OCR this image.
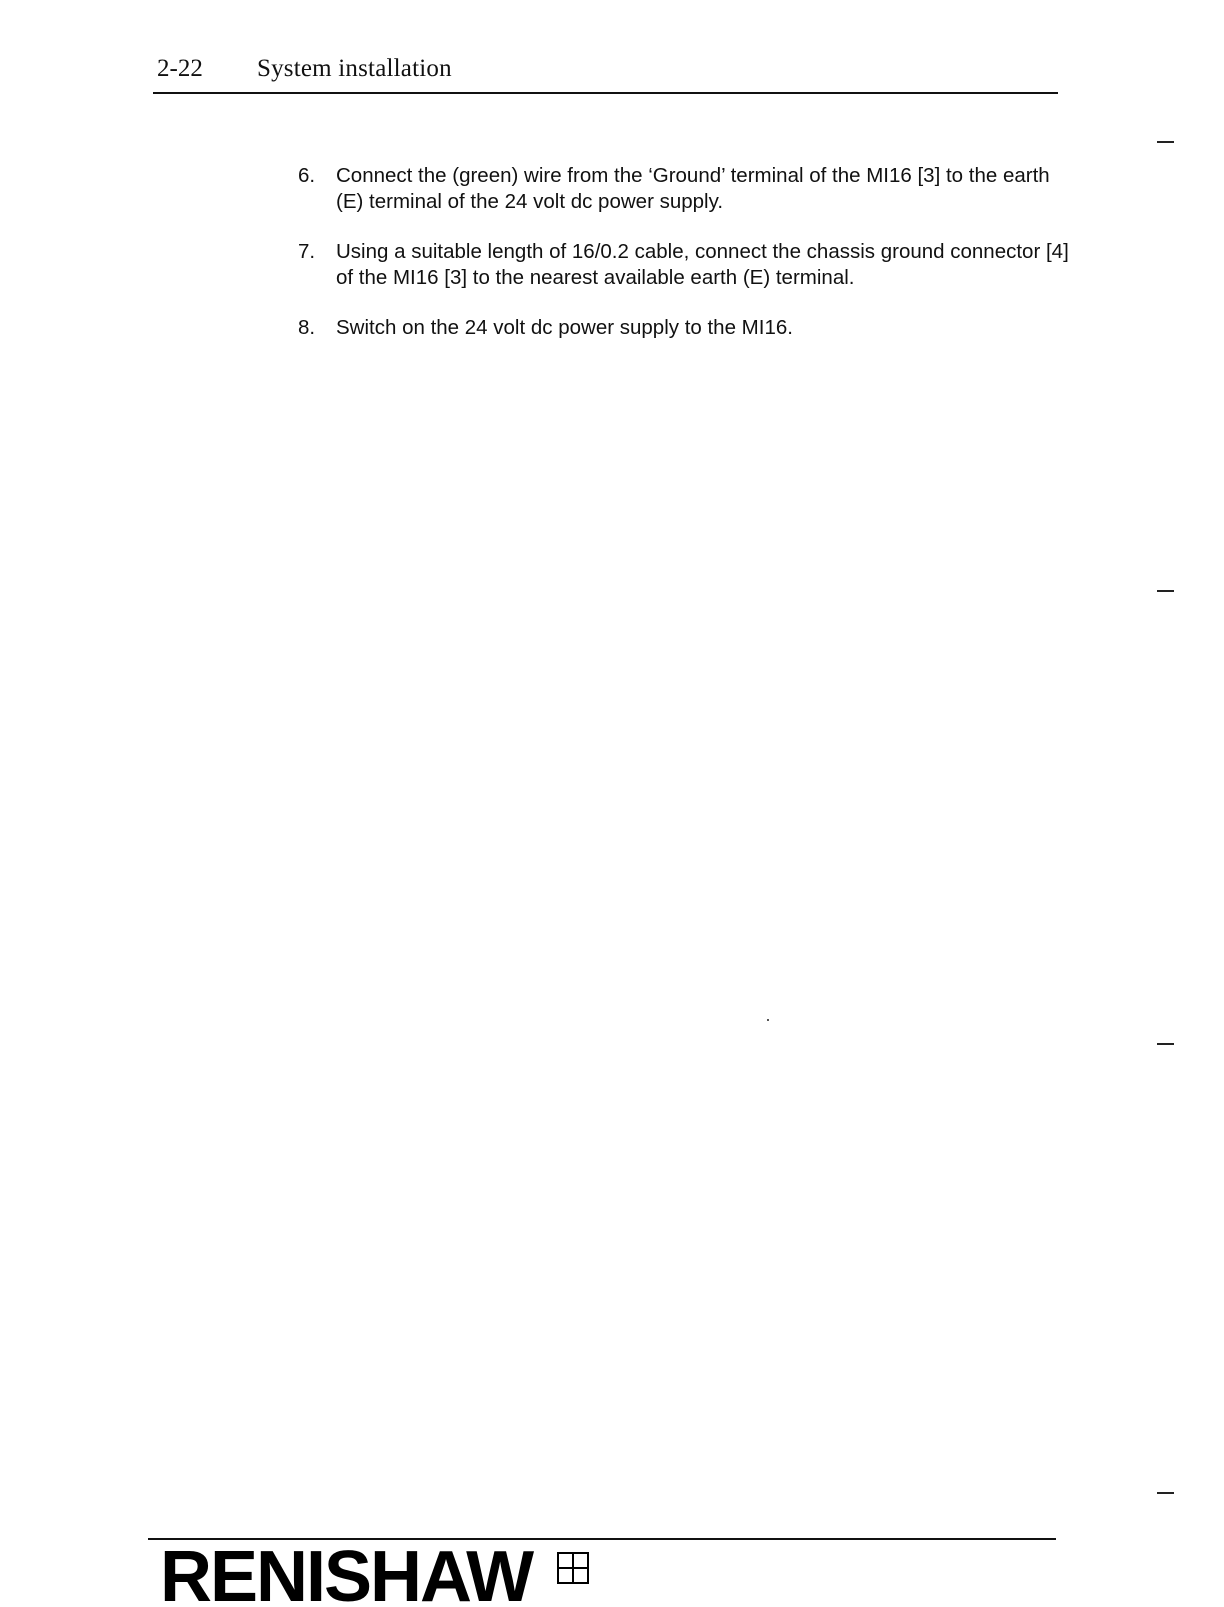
2-22 System installation
6. Connect the (green) wire from the ‘Ground’ terminal of the MI16 [3] to the earth (E) terminal of the 24 volt dc power supply.
7. Using a suitable length of 16/0.2 cable, connect the chassis ground connector [4] of the MI16 [3] to the nearest available earth (E) terminal.
8. Switch on the 24 volt dc power supply to the MI16.
RENISHAW
